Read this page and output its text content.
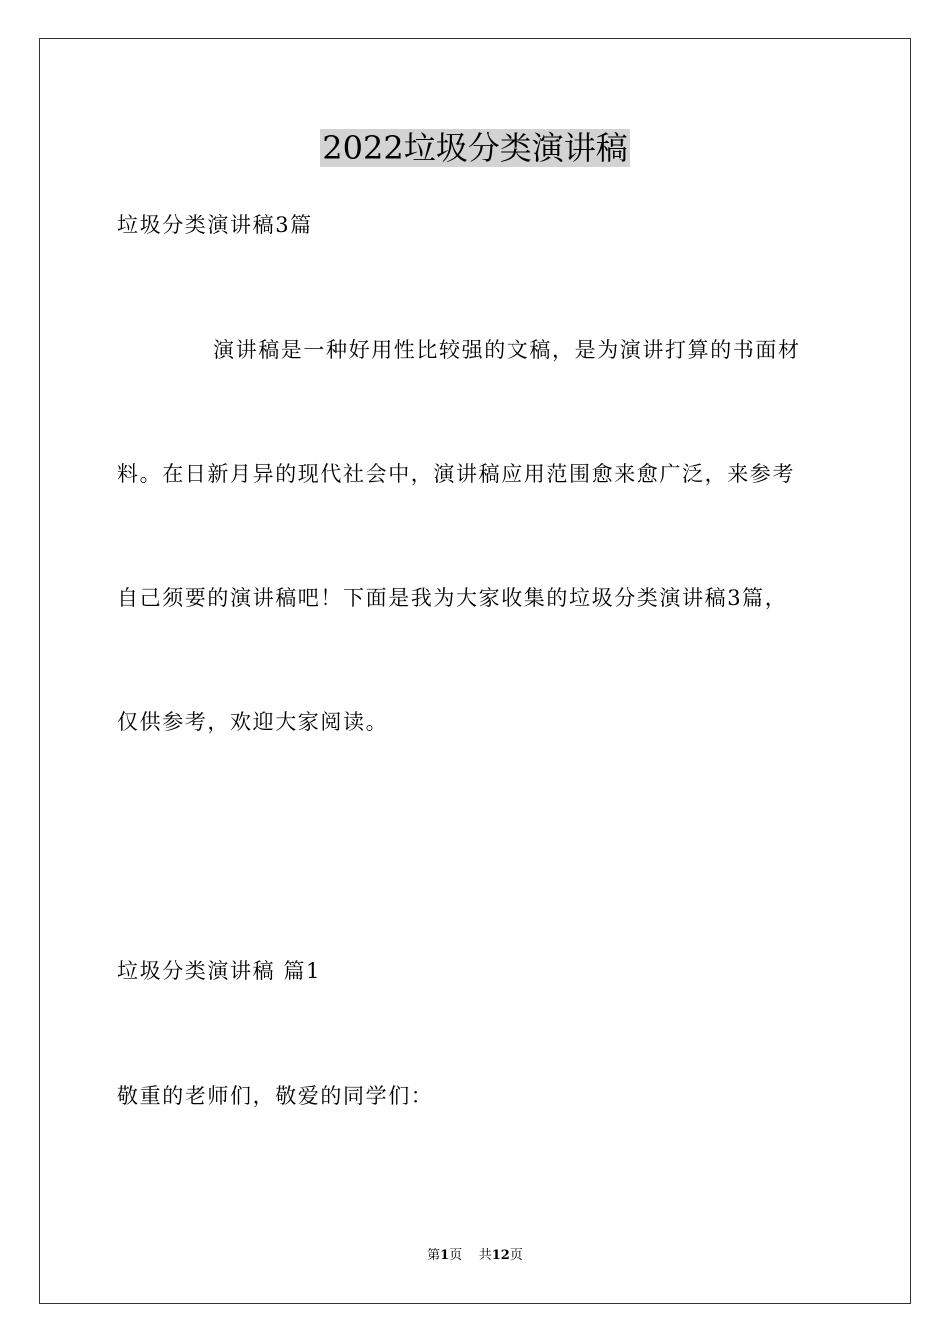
2022垃圾分类演讲稿
垃圾分类演讲稿3篇
演讲稿是一种好用性比较强的文稿，是为演讲打算的书面材
料。在日新月异的现代社会中，演讲稿应用范围愈来愈广泛，来参考
自己须要的演讲稿吧！下面是我为大家收集的垃圾分类演讲稿3篇，
仅供参考，欢迎大家阅读。
垃圾分类演讲稿 篇1
敬重的老师们，敬爱的同学们：
第1页 共12页
